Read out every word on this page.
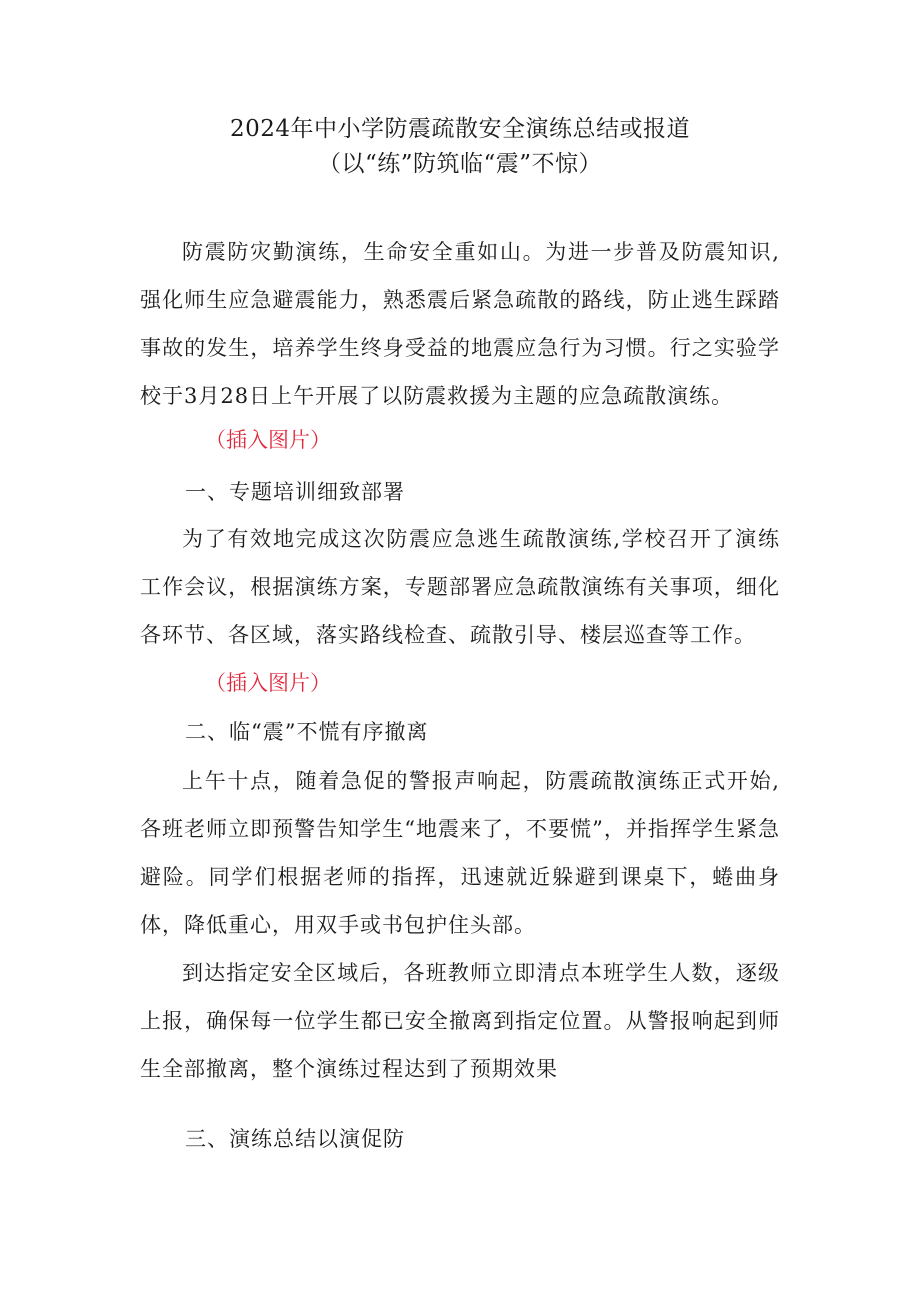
2024年中小学防震疏散安全演练总结或报道
（以“练”防筑临“震”不惊）

防震防灾勤演练，生命安全重如山。为进一步普及防震知识,强化师生应急避震能力，熟悉震后紧急疏散的路线，防止逃生踩踏事故的发生，培养学生终身受益的地震应急行为习惯。行之实验学校于3月28日上午开展了以防震救援为主题的应急疏散演练。

（插入图片）
一、专题培训细致部署

为了有效地完成这次防震应急逃生疏散演练,学校召开了演练工作会议，根据演练方案，专题部署应急疏散演练有关事项，细化各环节、各区域，落实路线检查、疏散引导、楼层巡查等工作。

（插入图片）
二、临“震”不慌有序撤离

上午十点，随着急促的警报声响起，防震疏散演练正式开始,各班老师立即预警告知学生“地震来了，不要慌”，并指挥学生紧急避险。同学们根据老师的指挥，迅速就近躲避到课桌下，蜷曲身体，降低重心，用双手或书包护住头部。

到达指定安全区域后，各班教师立即清点本班学生人数，逐级上报，确保每一位学生都已安全撤离到指定位置。从警报响起到师生全部撤离，整个演练过程达到了预期效果

三、演练总结以演促防
